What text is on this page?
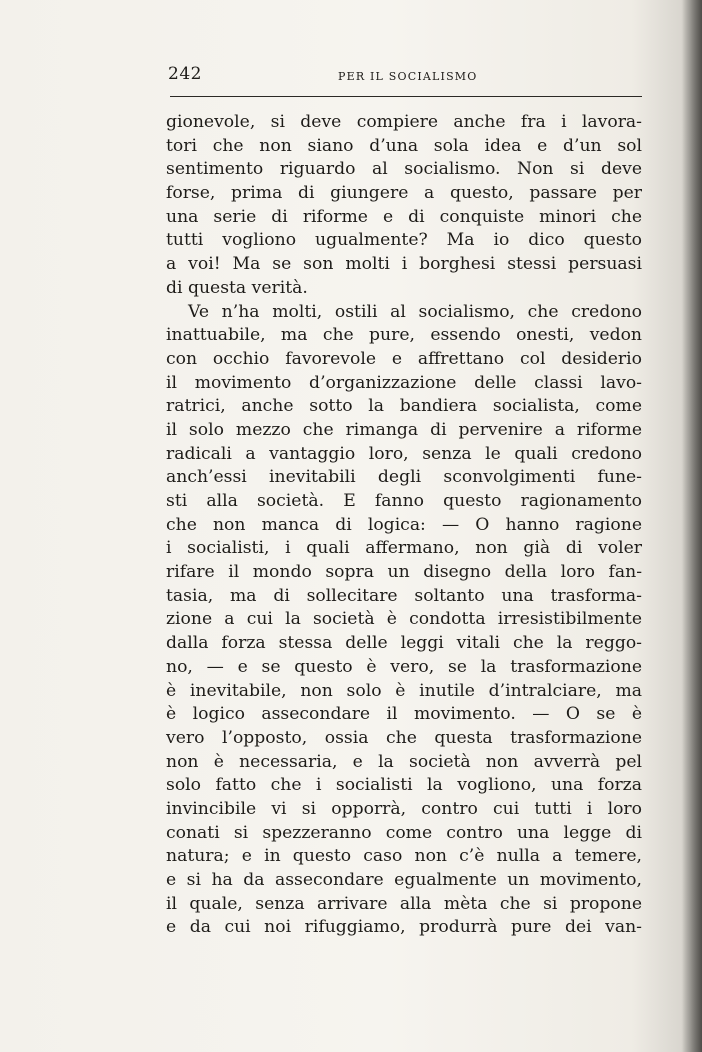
242	PER IL SOCIALISMO
gionevole, si deve compiere anche fra i lavora-
tori che non siano d’una sola idea e d’un sol
sentimento riguardo al socialismo. Non si deve
forse, prima di giungere a questo, passare per
una serie di riforme e di conquiste minori che
tutti vogliono ugualmente? Ma io dico questo
a voi! Ma se son molti i borghesi stessi persuasi
di questa verità.
Ve n’ha molti, ostili al socialismo, che credono
inattuabile, ma che pure, essendo onesti, vedon
con occhio favorevole e affrettano col desiderio
il movimento d’organizzazione delle classi lavo-
ratrici, anche sotto la bandiera socialista, come
il solo mezzo che rimanga di pervenire a riforme
radicali a vantaggio loro, senza le quali credono
anch’essi inevitabili degli sconvolgimenti fune-
sti alla società. E fanno questo ragionamento
che non manca di logica: — O hanno ragione
i socialisti, i quali affermano, non già di voler
rifare il mondo sopra un disegno della loro fan-
tasia, ma di sollecitare soltanto una trasforma-
zione a cui la società è condotta irresistibilmente
dalla forza stessa delle leggi vitali che la reggo-
no, — e se questo è vero, se la trasformazione
è inevitabile, non solo è inutile d’intralciare, ma
è logico assecondare il movimento. — O se è
vero l’opposto, ossia che questa trasformazione
non è necessaria, e la società non avverrà pel
solo fatto che i socialisti la vogliono, una forza
invincibile vi si opporrà, contro cui tutti i loro
conati si spezzeranno come contro una legge di
natura; e in questo caso non c’è nulla a temere,
e si ha da assecondare egualmente un movimento,
il quale, senza arrivare alla mèta che si propone
e da cui noi rifuggiamo, produrrà pure dei van-
